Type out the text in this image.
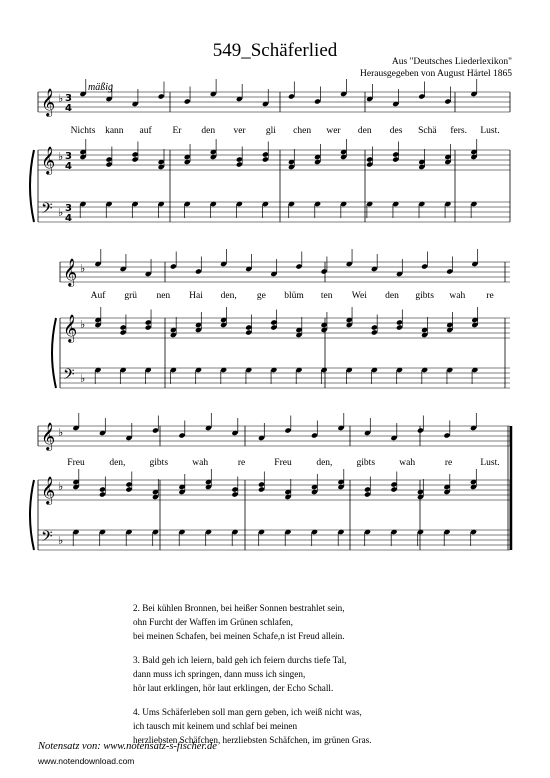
549_Schäferlied
Aus "Deutsches Liederlexikon"
Herausgegeben von August Härtel 1865
mäßig
𝄞
𝄞
𝄢
♭
♭
♭
3
4
3
4
3
4
𝄞
𝄞
𝄢
♭
♭
♭
𝄞
𝄞
𝄢
♭
♭
♭
Nichts kann auf Er den ver gli chen wer den des Schä fers. Lust.
Auf grü nen Hai den, ge blüm ten Wei den gibts wah re
Freu	den,	gibts	wah	re	Freu	den,	gibts	wah	re	Lust.
2. Bei kühlen Bronnen, bei heißer Sonnen bestrahlet sein,
ohn Furcht der Waffen im Grünen schlafen,
bei meinen Schafen, bei meinen Schafe,n ist Freud allein.
3. Bald geh ich leiern, bald geh ich feiern durchs tiefe Tal,
dann muss ich springen, dann muss ich singen,
hör laut erklingen, hör laut erklingen, der Echo Schall.
4. Ums Schäferleben soll man gern geben, ich weiß nicht was,
ich tausch mit keinem und schlaf bei meinen
herzliebsten Schäfchen, herzliebsten Schäfchen, im grünen Gras.
Notensatz von: www.notensatz-s-fischer.de
www.notendownload.com
